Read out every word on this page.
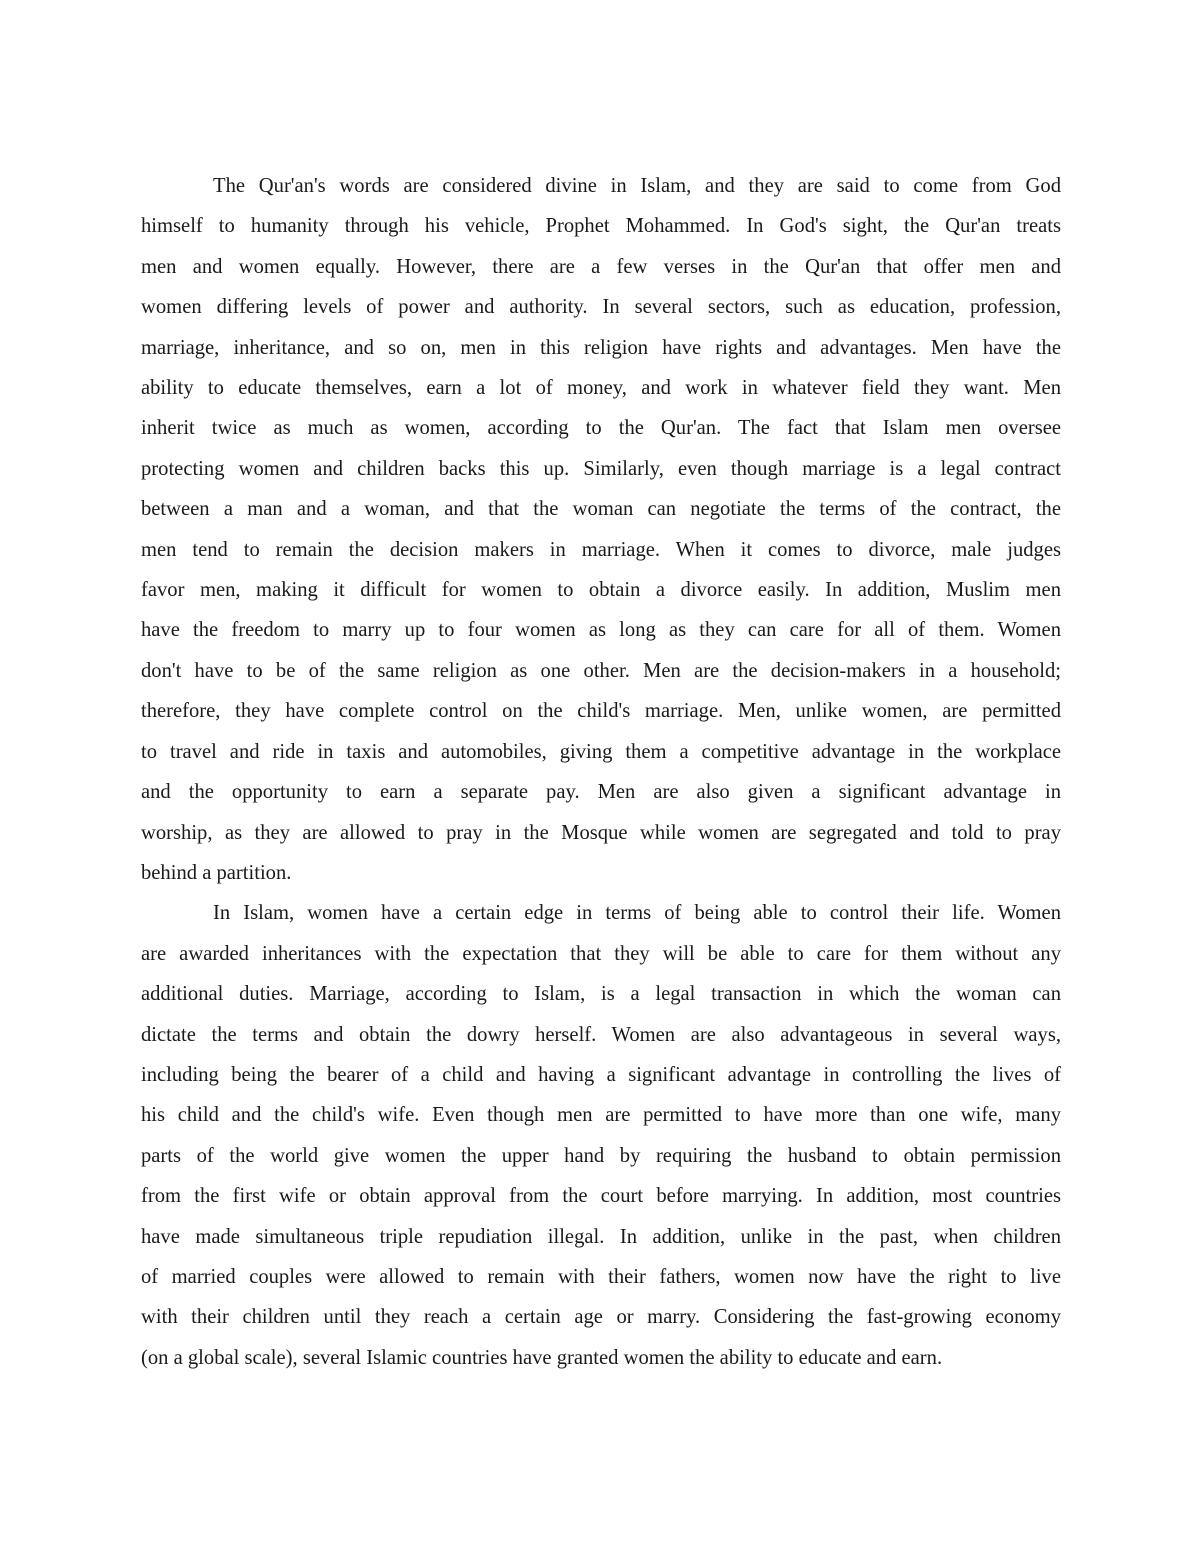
The Qur'an's words are considered divine in Islam, and they are said to come from God
himself to humanity through his vehicle, Prophet Mohammed. In God's sight, the Qur'an treats
men and women equally. However, there are a few verses in the Qur'an that offer men and
women differing levels of power and authority. In several sectors, such as education, profession,
marriage, inheritance, and so on, men in this religion have rights and advantages. Men have the
ability to educate themselves, earn a lot of money, and work in whatever field they want. Men
inherit twice as much as women, according to the Qur'an. The fact that Islam men oversee
protecting women and children backs this up. Similarly, even though marriage is a legal contract
between a man and a woman, and that the woman can negotiate the terms of the contract, the
men tend to remain the decision makers in marriage. When it comes to divorce, male judges
favor men, making it difficult for women to obtain a divorce easily. In addition, Muslim men
have the freedom to marry up to four women as long as they can care for all of them. Women
don't have to be of the same religion as one other. Men are the decision-makers in a household;
therefore, they have complete control on the child's marriage. Men, unlike women, are permitted
to travel and ride in taxis and automobiles, giving them a competitive advantage in the workplace
and the opportunity to earn a separate pay. Men are also given a significant advantage in
worship, as they are allowed to pray in the Mosque while women are segregated and told to pray
behind a partition.
In Islam, women have a certain edge in terms of being able to control their life. Women
are awarded inheritances with the expectation that they will be able to care for them without any
additional duties. Marriage, according to Islam, is a legal transaction in which the woman can
dictate the terms and obtain the dowry herself. Women are also advantageous in several ways,
including being the bearer of a child and having a significant advantage in controlling the lives of
his child and the child's wife. Even though men are permitted to have more than one wife, many
parts of the world give women the upper hand by requiring the husband to obtain permission
from the first wife or obtain approval from the court before marrying. In addition, most countries
have made simultaneous triple repudiation illegal. In addition, unlike in the past, when children
of married couples were allowed to remain with their fathers, women now have the right to live
with their children until they reach a certain age or marry. Considering the fast-growing economy
(on a global scale), several Islamic countries have granted women the ability to educate and earn.
